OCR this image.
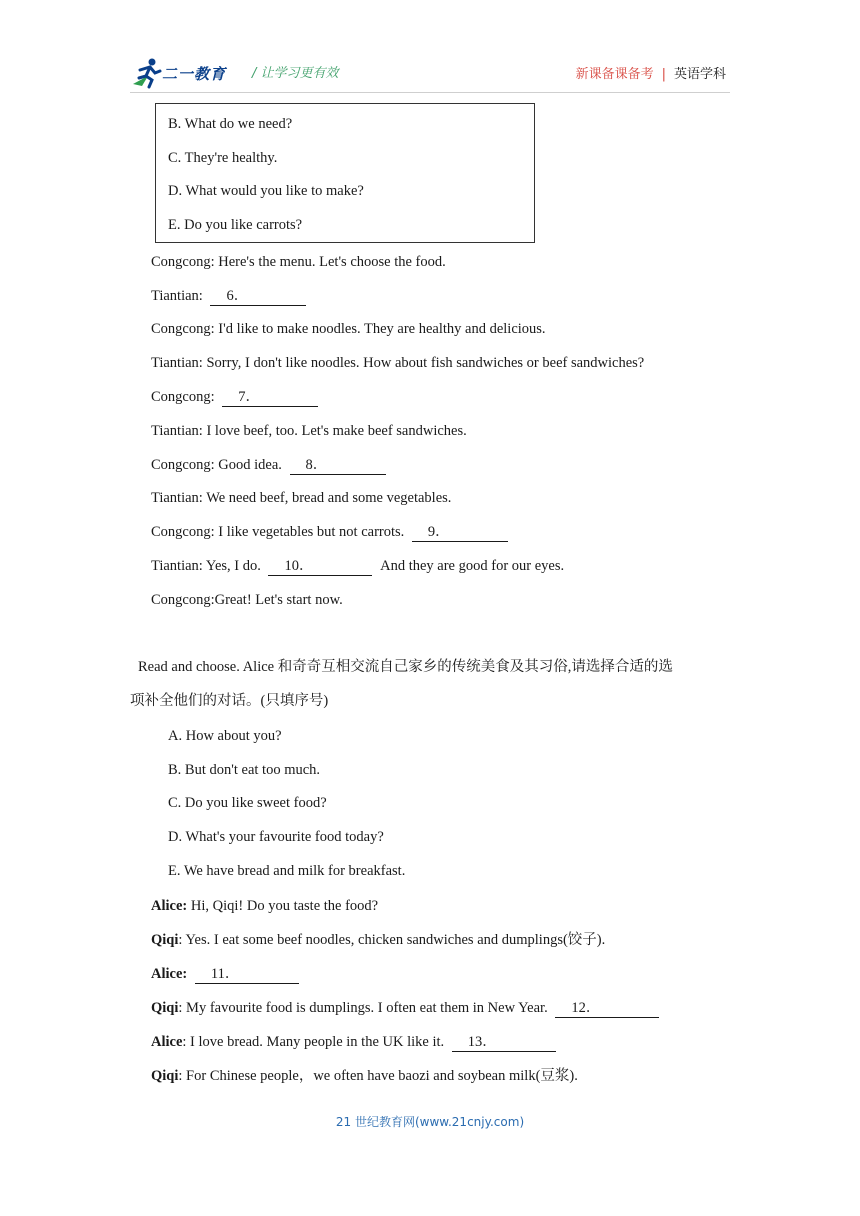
二一教育 / 让学习更有效	新课备课备考 | 英语学科
B. What do we need?
C. They're healthy.
D. What would you like to make?
E. Do you like carrots?
Congcong: Here's the menu. Let's choose the food.
Tiantian: 6．
Congcong: I'd like to make noodles. They are healthy and delicious.
Tiantian: Sorry, I don't like noodles. How about fish sandwiches or beef sandwiches?
Congcong: 7．
Tiantian: I love beef, too. Let's make beef sandwiches.
Congcong: Good idea. 8．
Tiantian: We need beef, bread and some vegetables.
Congcong: I like vegetables but not carrots. 9．
Tiantian: Yes, I do. 10．	And they are good for our eyes.
Congcong:Great! Let's start now.
Read and choose. Alice 和奇奇互相交流自己家乡的传统美食及其习俗,请选择合适的选
项补全他们的对话。(只填序号)
A. How about you?
B. But don't eat too much.
C. Do you like sweet food?
D. What's your favourite food today?
E. We have bread and milk for breakfast.
Alice: Hi, Qiqi! Do you taste the food?
Qiqi: Yes. I eat some beef noodles, chicken sandwiches and dumplings(饺子).
Alice: 11．
Qiqi: My favourite food is dumplings. I often eat them in New Year. 12．
Alice: I love bread. Many people in the UK like it. 13．
Qiqi: For Chinese people，we often have baozi and soybean milk(豆浆).
21 世纪教育网(www.21cnjy.com)
